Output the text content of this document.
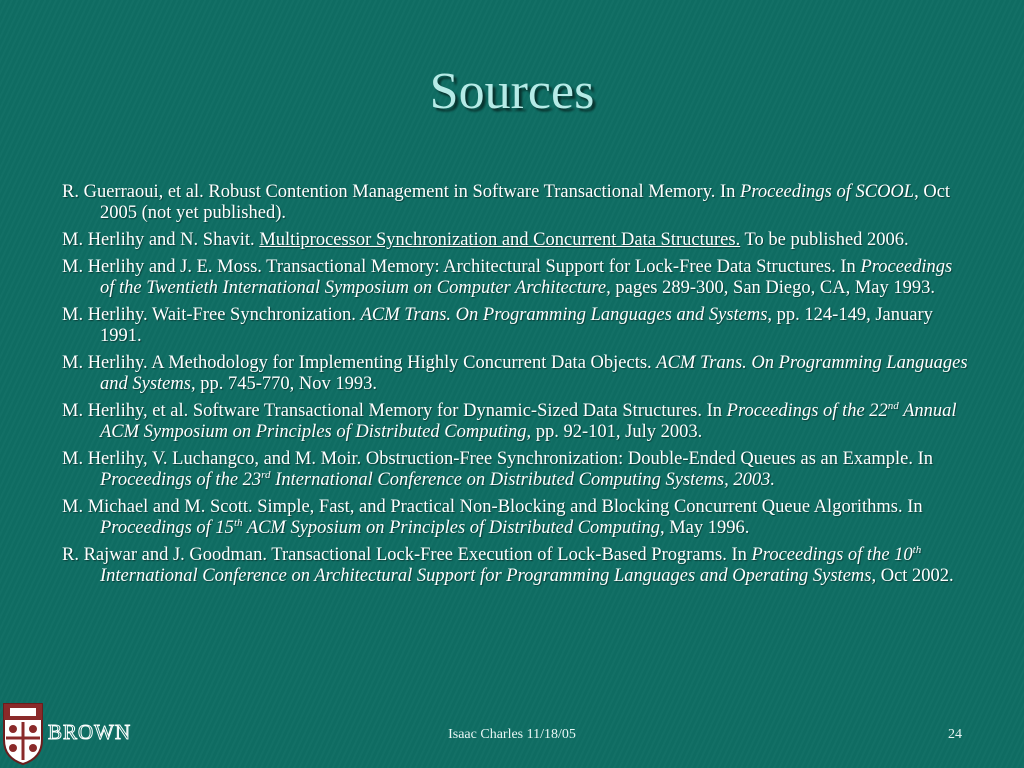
Sources
R. Guerraoui, et al. Robust Contention Management in Software Transactional Memory. In Proceedings of SCOOL, Oct 2005 (not yet published).
M. Herlihy and N. Shavit. Multiprocessor Synchronization and Concurrent Data Structures. To be published 2006.
M. Herlihy and J. E. Moss. Transactional Memory: Architectural Support for Lock-Free Data Structures. In Proceedings of the Twentieth International Symposium on Computer Architecture, pages 289-300, San Diego, CA, May 1993.
M. Herlihy. Wait-Free Synchronization. ACM Trans. On Programming Languages and Systems, pp. 124-149, January 1991.
M. Herlihy. A Methodology for Implementing Highly Concurrent Data Objects. ACM Trans. On Programming Languages and Systems, pp. 745-770, Nov 1993.
M. Herlihy, et al. Software Transactional Memory for Dynamic-Sized Data Structures. In Proceedings of the 22nd Annual ACM Symposium on Principles of Distributed Computing, pp. 92-101, July 2003.
M. Herlihy, V. Luchangco, and M. Moir. Obstruction-Free Synchronization: Double-Ended Queues as an Example. In Proceedings of the 23rd International Conference on Distributed Computing Systems, 2003.
M. Michael and M. Scott. Simple, Fast, and Practical Non-Blocking and Blocking Concurrent Queue Algorithms. In Proceedings of 15th ACM Syposium on Principles of Distributed Computing, May 1996.
R. Rajwar and J. Goodman. Transactional Lock-Free Execution of Lock-Based Programs. In Proceedings of the 10th International Conference on Architectural Support for Programming Languages and Operating Systems, Oct 2002.
BROWN	Isaac Charles 11/18/05	24
